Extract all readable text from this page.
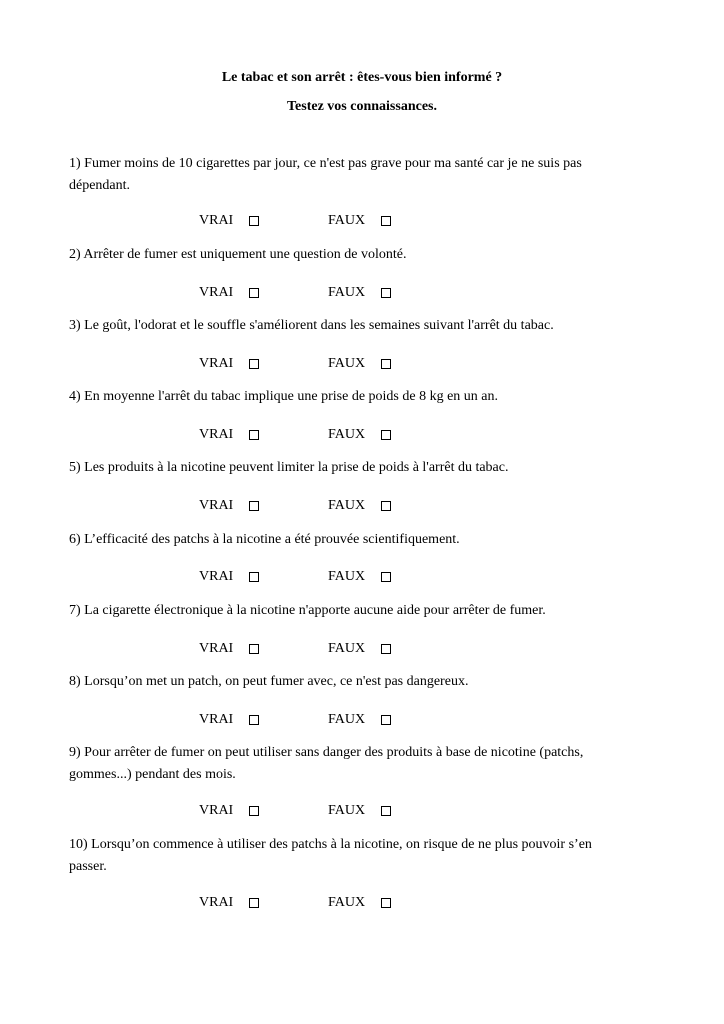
Le tabac et son arrêt : êtes-vous bien informé ?
Testez vos connaissances.
1) Fumer moins de 10 cigarettes par jour, ce n'est pas grave pour ma santé car je ne suis pas dépendant.
VRAI	FAUX
2) Arrêter de fumer est uniquement une question de volonté.
VRAI	FAUX
3) Le goût, l'odorat et le souffle s'améliorent dans les semaines suivant l'arrêt du tabac.
VRAI	FAUX
4) En moyenne l'arrêt du tabac implique une prise de poids de 8 kg en un an.
VRAI	FAUX
5) Les produits à la nicotine peuvent limiter la prise de poids à l'arrêt du tabac.
VRAI	FAUX
6) L’efficacité des patchs à la nicotine a été prouvée scientifiquement.
VRAI	FAUX
7) La cigarette électronique à la nicotine n'apporte aucune aide pour arrêter de fumer.
VRAI	FAUX
8) Lorsqu’on met un patch, on peut fumer avec, ce n'est pas dangereux.
VRAI	FAUX
9) Pour arrêter de fumer on peut utiliser sans danger des produits à base de nicotine (patchs, gommes...) pendant des mois.
VRAI	FAUX
10) Lorsqu’on commence à utiliser des patchs à la nicotine, on risque de ne plus pouvoir s’en passer.
VRAI	FAUX
